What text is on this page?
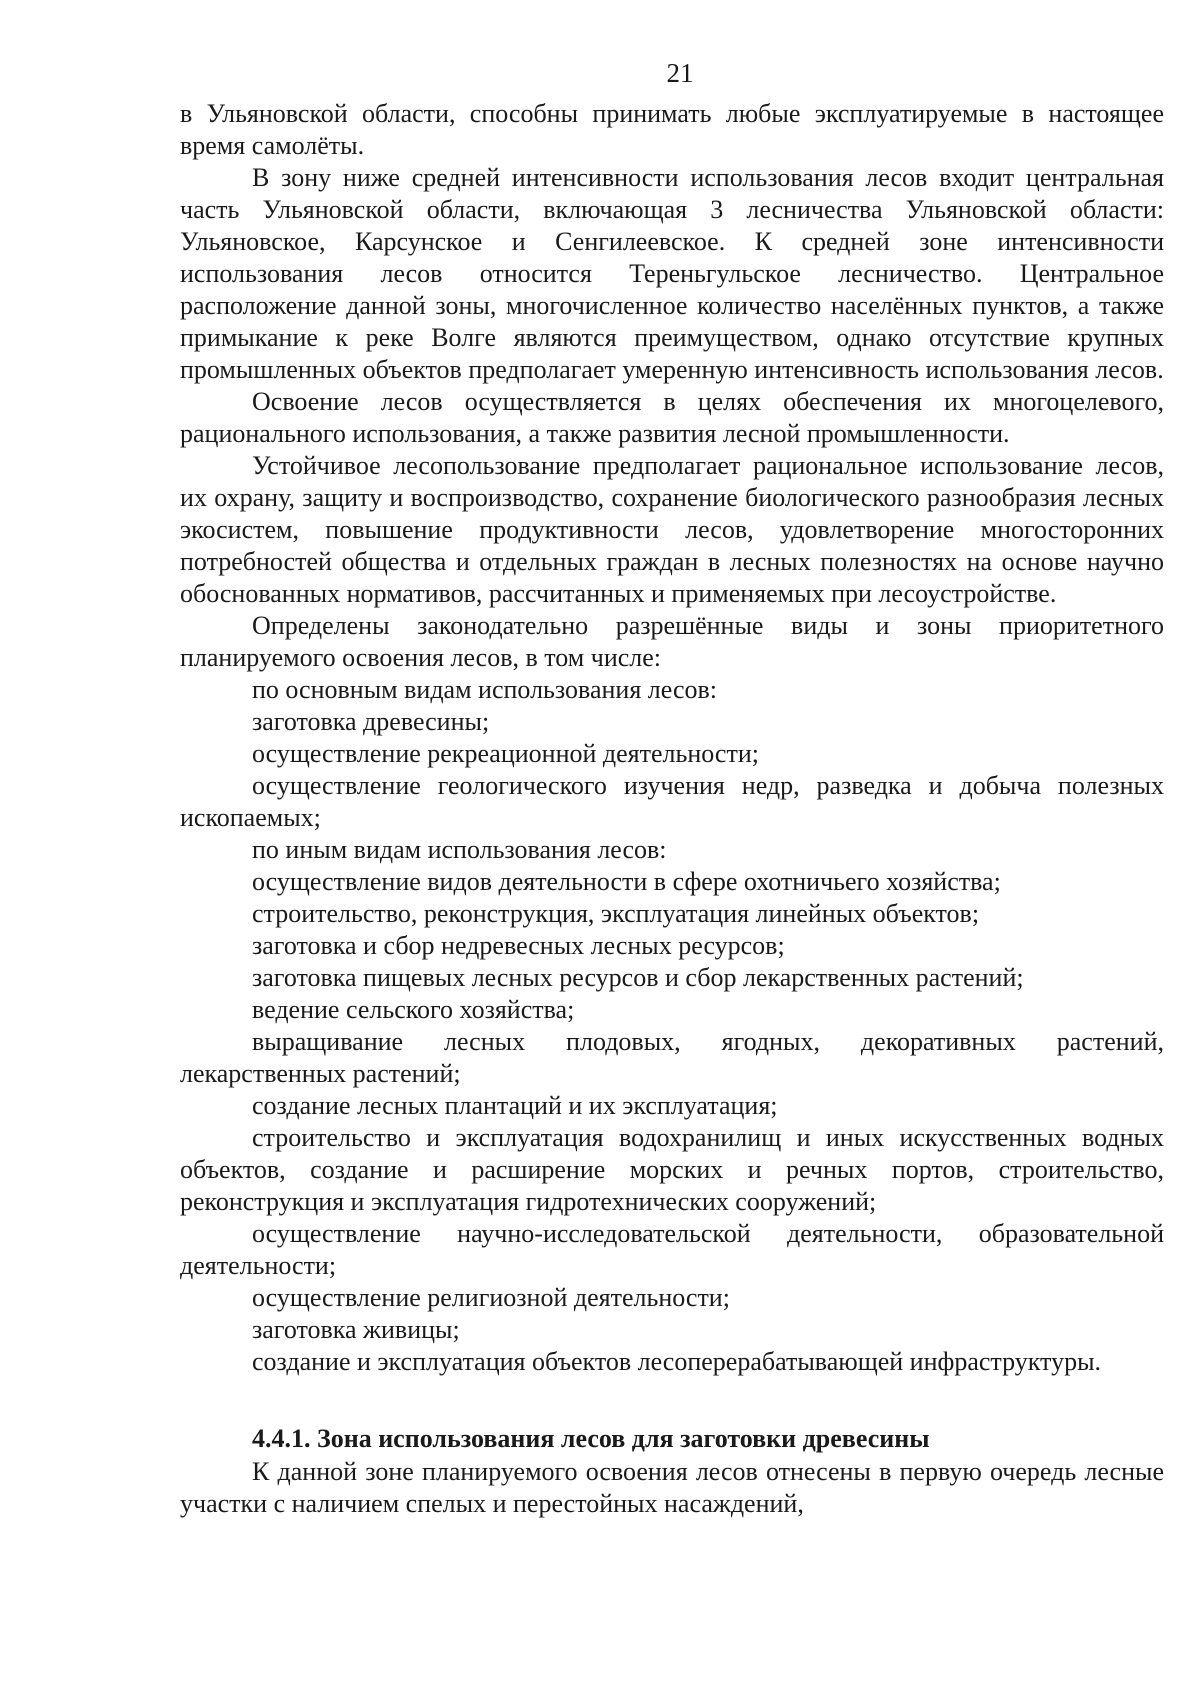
21

в Ульяновской области, способны принимать любые эксплуатируемые в настоящее время самолёты.

В зону ниже средней интенсивности использования лесов входит центральная часть Ульяновской области, включающая 3 лесничества Ульяновской области: Ульяновское, Карсунское и Сенгилеевское. К средней зоне интенсивности использования лесов относится Тереньгульское лесничество. Центральное расположение данной зоны, многочисленное количество населённых пунктов, а также примыкание к реке Волге являются преимуществом, однако отсутствие крупных промышленных объектов предполагает умеренную интенсивность использования лесов.

Освоение лесов осуществляется в целях обеспечения их многоцелевого, рационального использования, а также развития лесной промышленности.

Устойчивое лесопользование предполагает рациональное использование лесов, их охрану, защиту и воспроизводство, сохранение биологического разнообразия лесных экосистем, повышение продуктивности лесов, удовлетворение многосторонних потребностей общества и отдельных граждан в лесных полезностях на основе научно обоснованных нормативов, рассчитанных и применяемых при лесоустройстве.

Определены законодательно разрешённые виды и зоны приоритетного планируемого освоения лесов, в том числе:

по основным видам использования лесов:

заготовка древесины;

осуществление рекреационной деятельности;

осуществление геологического изучения недр, разведка и добыча полезных ископаемых;

по иным видам использования лесов:

осуществление видов деятельности в сфере охотничьего хозяйства;

строительство, реконструкция, эксплуатация линейных объектов;

заготовка и сбор недревесных лесных ресурсов;

заготовка пищевых лесных ресурсов и сбор лекарственных растений;

ведение сельского хозяйства;

выращивание лесных плодовых, ягодных, декоративных растений, лекарственных растений;

создание лесных плантаций и их эксплуатация;

строительство и эксплуатация водохранилищ и иных искусственных водных объектов, создание и расширение морских и речных портов, строительство, реконструкция и эксплуатация гидротехнических сооружений;

осуществление научно-исследовательской деятельности, образовательной деятельности;

осуществление религиозной деятельности;

заготовка живицы;

создание и эксплуатация объектов лесоперерабатывающей инфраструктуры.

4.4.1. Зона использования лесов для заготовки древесины

К данной зоне планируемого освоения лесов отнесены в первую очередь лесные участки с наличием спелых и перестойных насаждений,
